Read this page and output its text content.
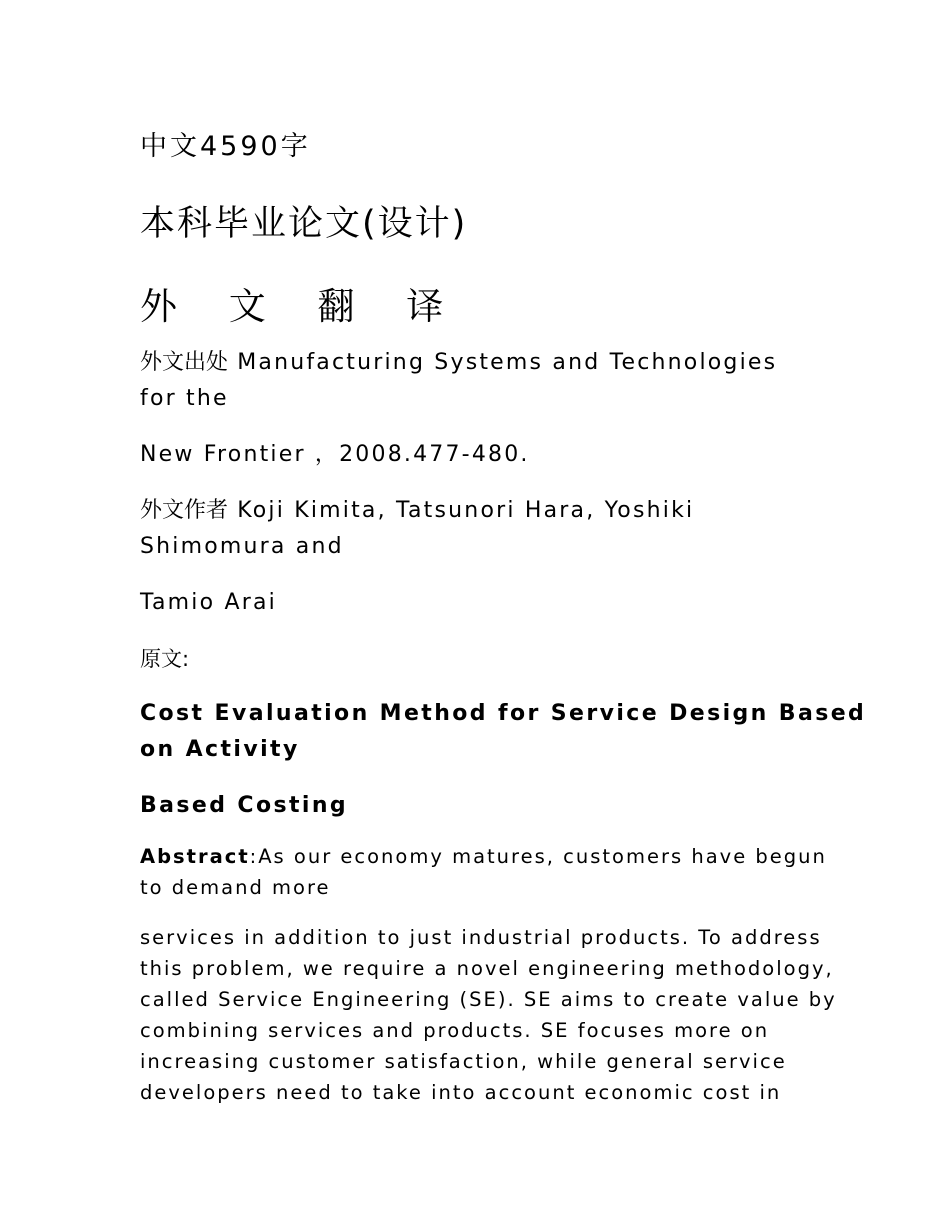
中文4590字
本科毕业论文(设计)
外 文 翻 译
外文出处 Manufacturing Systems and Technologies
for the
New Frontier ，2008.477-480.
外文作者 Koji Kimita, Tatsunori Hara, Yoshiki
Shimomura and
Tamio Arai
原文:
Cost Evaluation Method for Service Design Based
on Activity
Based Costing
Abstract:As our economy matures, customers have begun
to demand more
services in addition to just industrial products. To address
this problem, we require a novel engineering methodology,
called Service Engineering (SE). SE aims to create value by
combining services and products. SE focuses more on
increasing customer satisfaction, while general service
developers need to take into account economic cost in
